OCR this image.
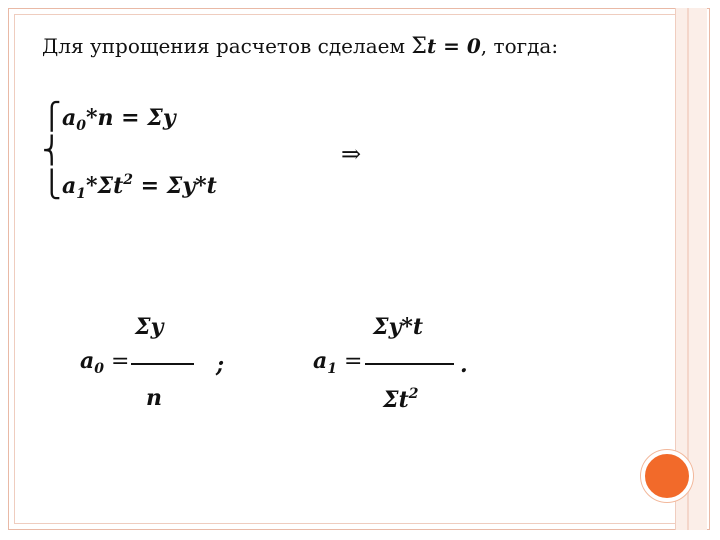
Для упрощения расчетов сделаем Σt = 0, тогда:
⎧
⎨
⎩
$a_0*n = \Sigma y$
⇒
$a_1*\Sigma t^2 = \Sigma y*t$
Σy
$a_0$ =
n
;
Σy*t
$a_1$ =	.
$\Sigma t^2$
